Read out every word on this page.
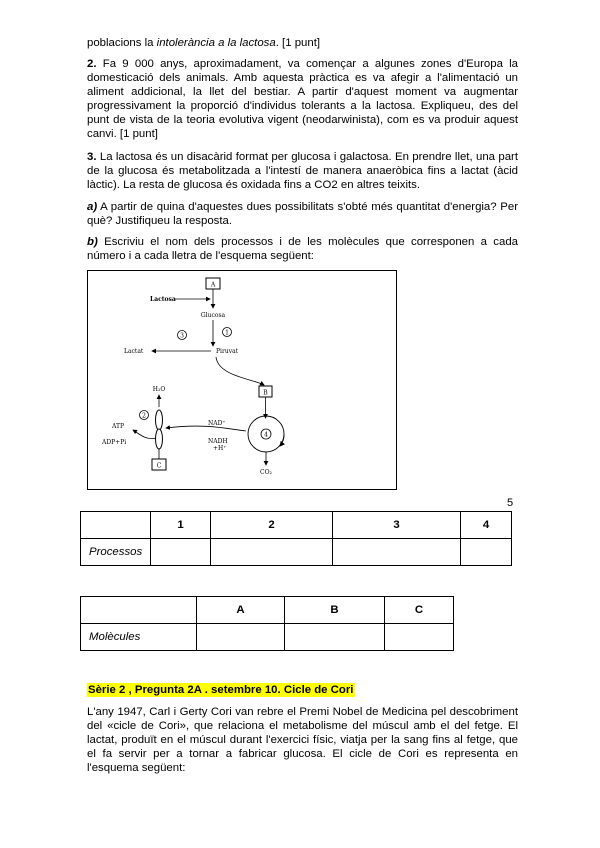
poblacions la intolerància a la lactosa. [1 punt]
2. Fa 9 000 anys, aproximadament, va començar a algunes zones d'Europa la domesticació dels animals. Amb aquesta pràctica es va afegir a l'alimentació un aliment addicional, la llet del bestiar. A partir d'aquest moment va augmentar progressivament la proporció d'individus tolerants a la lactosa. Expliqueu, des del punt de vista de la teoria evolutiva vigent (neodarwinista), com es va produir aquest canvi. [1 punt]
3. La lactosa és un disacàrid format per glucosa i galactosa. En prendre llet, una part de la glucosa és metabolitzada a l'intestí de manera anaeròbica fins a lactat (àcid làctic). La resta de glucosa és oxidada fins a CO2 en altres teixits.
a) A partir de quina d'aquestes dues possibilitats s'obté més quantitat d'energia? Per què? Justifiqueu la resposta.
b) Escriviu el nom dels processos i de les molècules que corresponen a cada número i a cada lletra de l'esquema següent:
A
Lactosa
Glucosa
1
3
Piruvat
Lactat
B
4
CO₂
NAD⁺
NADH
+H⁺
H₂O
2
ATP
ADP+Pi
C
5
	1	2	3	4
Processos				
	A	B	C
Molècules			
Sèrie 2 , Pregunta 2A . setembre 10. Cicle de Cori
L'any 1947, Carl i Gerty Cori van rebre el Premi Nobel de Medicina pel descobriment del «cicle de Cori», que relaciona el metabolisme del múscul amb el del fetge. El lactat, produït en el múscul durant l'exercici físic, viatja per la sang fins al fetge, que el fa servir per a tornar a fabricar glucosa. El cicle de Cori es representa en l'esquema següent:
